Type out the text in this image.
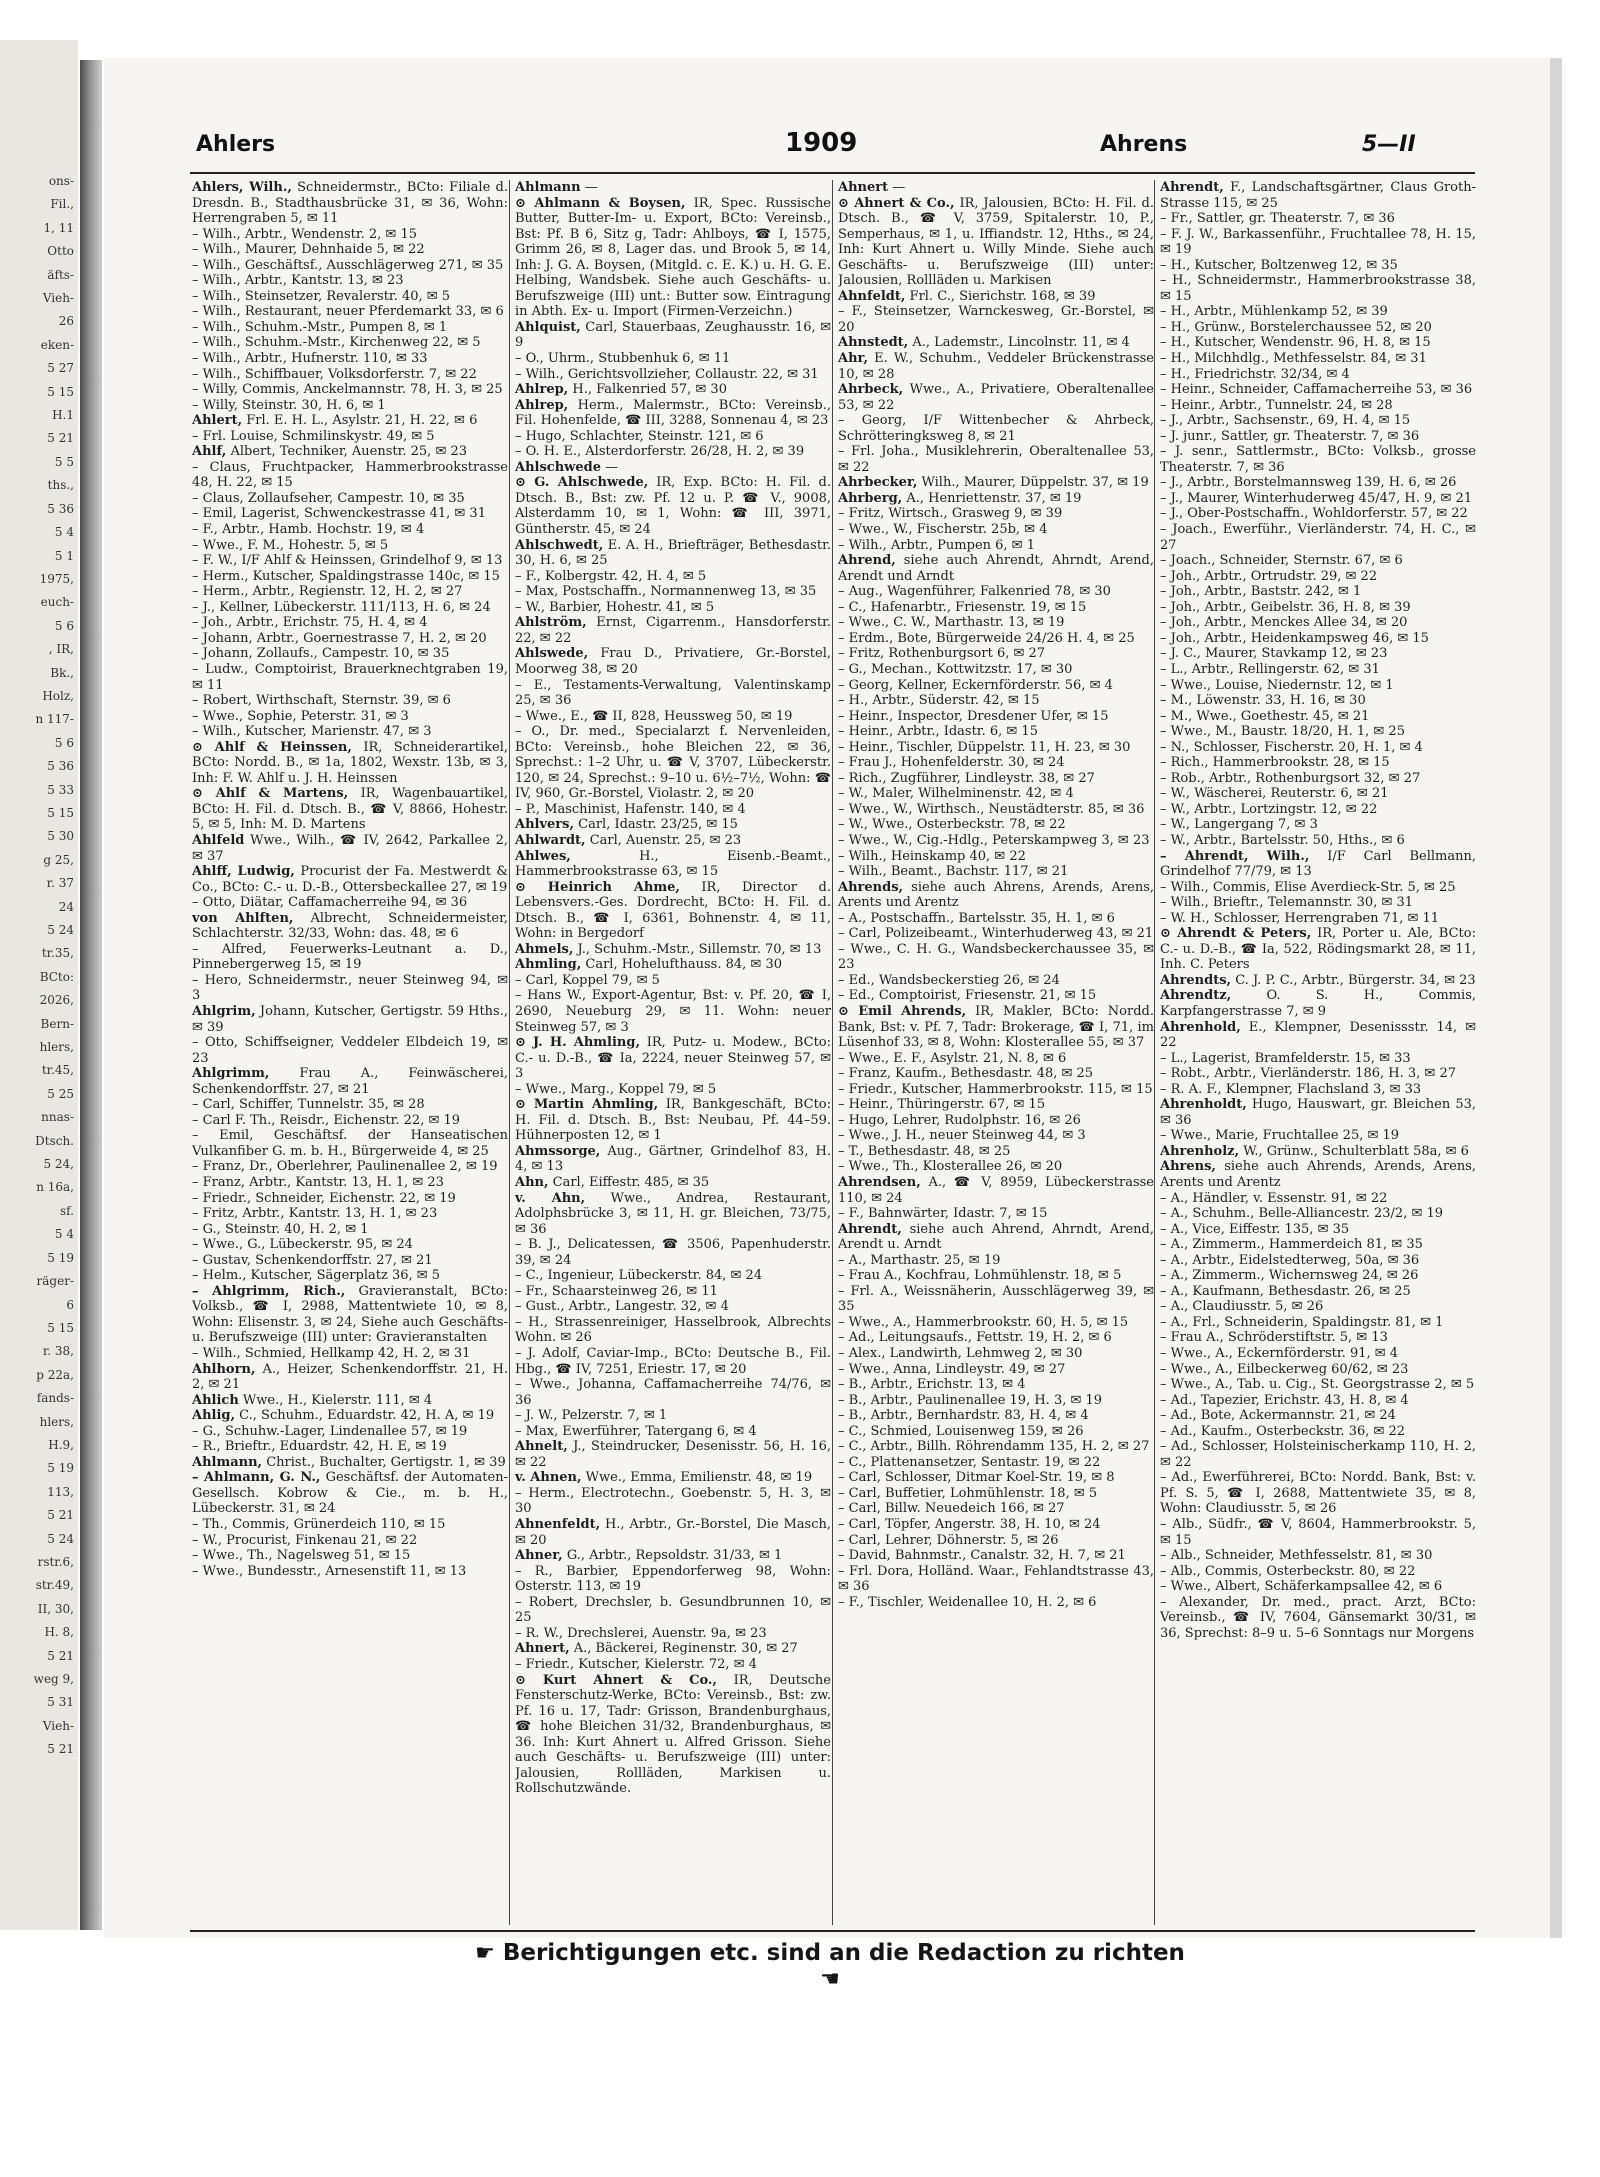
ons-
Fil.,
1, 11
Otto
äfts-
Vieh-
26
eken-
5 27
5 15
H.1
5 21
5 5
ths.,
5 36
5 4
5 1
1975,
euch-
5 6
, IR,
Bk.,
Holz,
n 117-
5 6
5 36
5 33
5 15
5 30
g 25,
r. 37
24
5 24
tr.35,
BCto:
2026,
Bern-
hlers,
tr.45,
5 25
nnas-
Dtsch.
5 24,
n 16a,
sf.
5 4
5 19
räger-
6
5 15
r. 38,
p 22a,
fands-
hlers,
H.9,
5 19
113,
5 21
5 24
rstr.6,
str.49,
II, 30,
H. 8,
5 21
weg 9,
5 31
Vieh-
5 21
Ahlers	1909	Ahrens	5—II

Ahlers, Wilh., Schneidermstr., BCto: Filiale d. Dresdn. B., Stadthausbrücke 31, ✉ 36, Wohn: Herrengraben 5, ✉ 11

– Wilh., Arbtr., Wendenstr. 2, ✉ 15

– Wilh., Maurer, Dehnhaide 5, ✉ 22

– Wilh., Geschäftsf., Ausschlägerweg 271, ✉ 35

– Wilh., Arbtr., Kantstr. 13, ✉ 23

– Wilh., Steinsetzer, Revalerstr. 40, ✉ 5

– Wilh., Restaurant, neuer Pferdemarkt 33, ✉ 6

– Wilh., Schuhm.-Mstr., Pumpen 8, ✉ 1

– Wilh., Schuhm.-Mstr., Kirchenweg 22, ✉ 5

– Wilh., Arbtr., Hufnerstr. 110, ✉ 33

– Wilh., Schiffbauer, Volksdorferstr. 7, ✉ 22

– Willy, Commis, Anckelmannstr. 78, H. 3, ✉ 25

– Willy, Steinstr. 30, H. 6, ✉ 1

Ahlert, Frl. E. H. L., Asylstr. 21, H. 22, ✉ 6

– Frl. Louise, Schmilinskystr. 49, ✉ 5

Ahlf, Albert, Techniker, Auenstr. 25, ✉ 23

– Claus, Fruchtpacker, Hammerbrookstrasse 48, H. 22, ✉ 15

– Claus, Zollaufseher, Campestr. 10, ✉ 35

– Emil, Lagerist, Schwenckestrasse 41, ✉ 31

– F., Arbtr., Hamb. Hochstr. 19, ✉ 4

– Wwe., F. M., Hohestr. 5, ✉ 5

– F. W., I/F Ahlf & Heinssen, Grindelhof 9, ✉ 13

– Herm., Kutscher, Spaldingstrasse 140c, ✉ 15

– Herm., Arbtr., Regienstr. 12, H. 2, ✉ 27

– J., Kellner, Lübeckerstr. 111/113, H. 6, ✉ 24

– Joh., Arbtr., Erichstr. 75, H. 4, ✉ 4

– Johann, Arbtr., Goernestrasse 7, H. 2, ✉ 20

– Johann, Zollaufs., Campestr. 10, ✉ 35

– Ludw., Comptoirist, Brauerknechtgraben 19, ✉ 11

– Robert, Wirthschaft, Sternstr. 39, ✉ 6

– Wwe., Sophie, Peterstr. 31, ✉ 3

– Wilh., Kutscher, Marienstr. 47, ✉ 3

⊙ Ahlf & Heinssen, IR, Schneiderartikel, BCto: Nordd. B., ✉ 1a, 1802, Wexstr. 13b, ✉ 3, Inh: F. W. Ahlf u. J. H. Heinssen

⊙ Ahlf & Martens, IR, Wagenbauartikel, BCto: H. Fil. d. Dtsch. B., ☎ V, 8866, Hohestr. 5, ✉ 5, Inh: M. D. Martens

Ahlfeld Wwe., Wilh., ☎ IV, 2642, Parkallee 2, ✉ 37

Ahlff, Ludwig, Procurist der Fa. Mestwerdt & Co., BCto: C.- u. D.-B., Ottersbeckallee 27, ✉ 19

– Otto, Diätar, Caffamacherreihe 94, ✉ 36

von Ahlften, Albrecht, Schneidermeister, Schlachterstr. 32/33, Wohn: das. 48, ✉ 6

– Alfred, Feuerwerks-Leutnant a. D., Pinnebergerweg 15, ✉ 19

– Hero, Schneidermstr., neuer Steinweg 94, ✉ 3

Ahlgrim, Johann, Kutscher, Gertigstr. 59 Hths., ✉ 39

– Otto, Schiffseigner, Veddeler Elbdeich 19, ✉ 23

Ahlgrimm, Frau A., Feinwäscherei, Schenkendorffstr. 27, ✉ 21

– Carl, Schiffer, Tunnelstr. 35, ✉ 28

– Carl F. Th., Reisdr., Eichenstr. 22, ✉ 19

– Emil, Geschäftsf. der Hanseatischen Vulkanfiber G. m. b. H., Bürgerweide 4, ✉ 25

– Franz, Dr., Oberlehrer, Paulinenallee 2, ✉ 19

– Franz, Arbtr., Kantstr. 13, H. 1, ✉ 23

– Friedr., Schneider, Eichenstr. 22, ✉ 19

– Fritz, Arbtr., Kantstr. 13, H. 1, ✉ 23

– G., Steinstr. 40, H. 2, ✉ 1

– Wwe., G., Lübeckerstr. 95, ✉ 24

– Gustav, Schenkendorffstr. 27, ✉ 21

– Helm., Kutscher, Sägerplatz 36, ✉ 5

– Ahlgrimm, Rich., Gravieranstalt, BCto: Volksb., ☎ I, 2988, Mattentwiete 10, ✉ 8, Wohn: Elisenstr. 3, ✉ 24, Siehe auch Geschäfts- u. Berufszweige (III) unter: Gravieranstalten

– Wilh., Schmied, Hellkamp 42, H. 2, ✉ 31

Ahlhorn, A., Heizer, Schenkendorffstr. 21, H. 2, ✉ 21

Ahlich Wwe., H., Kielerstr. 111, ✉ 4

Ahlig, C., Schuhm., Eduardstr. 42, H. A, ✉ 19

– G., Schuhw.-Lager, Lindenallee 57, ✉ 19

– R., Brieftr., Eduardstr. 42, H. E, ✉ 19

Ahlmann, Christ., Buchalter, Gertigstr. 1, ✉ 39

– Ahlmann, G. N., Geschäftsf. der Automaten-Gesellsch. Kobrow & Cie., m. b. H., Lübeckerstr. 31, ✉ 24

– Th., Commis, Grünerdeich 110, ✉ 15

– W., Procurist, Finkenau 21, ✉ 22

– Wwe., Th., Nagelsweg 51, ✉ 15

– Wwe., Bundesstr., Arnesenstift 11, ✉ 13

Ahlmann —

⊙ Ahlmann & Boysen, IR, Spec. Russische Butter, Butter-Im- u. Export, BCto: Vereinsb., Bst: Pf. B 6, Sitz g, Tadr: Ahlboys, ☎ I, 1575, Grimm 26, ✉ 8, Lager das. und Brook 5, ✉ 14, Inh: J. G. A. Boysen, (Mitgld. c. E. K.) u. H. G. E. Helbing, Wandsbek. Siehe auch Geschäfts- u. Berufszweige (III) unt.: Butter sow. Eintragung in Abth. Ex- u. Import (Firmen-Verzeichn.)

Ahlquist, Carl, Stauerbaas, Zeughausstr. 16, ✉ 9

– O., Uhrm., Stubbenhuk 6, ✉ 11

– Wilh., Gerichtsvollzieher, Collaustr. 22, ✉ 31

Ahlrep, H., Falkenried 57, ✉ 30

Ahlrep, Herm., Malermstr., BCto: Vereinsb., Fil. Hohenfelde, ☎ III, 3288, Sonnenau 4, ✉ 23

– Hugo, Schlachter, Steinstr. 121, ✉ 6

– O. H. E., Alsterdorferstr. 26/28, H. 2, ✉ 39

Ahlschwede —

⊙ G. Ahlschwede, IR, Exp. BCto: H. Fil. d. Dtsch. B., Bst: zw. Pf. 12 u. P. ☎ V., 9008, Alsterdamm 10, ✉ 1, Wohn: ☎ III, 3971, Güntherstr. 45, ✉ 24

Ahlschwedt, E. A. H., Briefträger, Bethesdastr. 30, H. 6, ✉ 25

– F., Kolbergstr. 42, H. 4, ✉ 5

– Max, Postschaffn., Normannenweg 13, ✉ 35

– W., Barbier, Hohestr. 41, ✉ 5

Ahlström, Ernst, Cigarrenm., Hansdorferstr. 22, ✉ 22

Ahlswede, Frau D., Privatiere, Gr.-Borstel, Moorweg 38, ✉ 20

– E., Testaments-Verwaltung, Valentinskamp 25, ✉ 36

– Wwe., E., ☎ II, 828, Heussweg 50, ✉ 19

– O., Dr. med., Specialarzt f. Nervenleiden, BCto: Vereinsb., hohe Bleichen 22, ✉ 36, Sprechst.: 1–2 Uhr, u. ☎ V, 3707, Lübeckerstr. 120, ✉ 24, Sprechst.: 9–10 u. 6½–7½, Wohn: ☎ IV, 960, Gr.-Borstel, Violastr. 2, ✉ 20

– P., Maschinist, Hafenstr. 140, ✉ 4

Ahlvers, Carl, Idastr. 23/25, ✉ 15

Ahlwardt, Carl, Auenstr. 25, ✉ 23

Ahlwes, H., Eisenb.-Beamt., Hammerbrookstrasse 63, ✉ 15

⊙ Heinrich Ahme, IR, Director d. Lebensvers.-Ges. Dordrecht, BCto: H. Fil. d. Dtsch. B., ☎ I, 6361, Bohnenstr. 4, ✉ 11, Wohn: in Bergedorf

Ahmels, J., Schuhm.-Mstr., Sillemstr. 70, ✉ 13

Ahmling, Carl, Hohelufthauss. 84, ✉ 30

– Carl, Koppel 79, ✉ 5

– Hans W., Export-Agentur, Bst: v. Pf. 20, ☎ I, 2690, Neueburg 29, ✉ 11. Wohn: neuer Steinweg 57, ✉ 3

⊙ J. H. Ahmling, IR, Putz- u. Modew., BCto: C.- u. D.-B., ☎ Ia, 2224, neuer Steinweg 57, ✉ 3

– Wwe., Marg., Koppel 79, ✉ 5

⊙ Martin Ahmling, IR, Bankgeschäft, BCto: H. Fil. d. Dtsch. B., Bst: Neubau, Pf. 44–59. Hühnerposten 12, ✉ 1

Ahmssorge, Aug., Gärtner, Grindelhof 83, H. 4, ✉ 13

Ahn, Carl, Eiffestr. 485, ✉ 35

v. Ahn, Wwe., Andrea, Restaurant, Adolphsbrücke 3, ✉ 11, H. gr. Bleichen, 73/75, ✉ 36

– B. J., Delicatessen, ☎ 3506, Papenhuderstr. 39, ✉ 24

– C., Ingenieur, Lübeckerstr. 84, ✉ 24

– Fr., Schaarsteinweg 26, ✉ 11

– Gust., Arbtr., Langestr. 32, ✉ 4

– H., Strassenreiniger, Hasselbrook, Albrechts Wohn. ✉ 26

– J. Adolf, Caviar-Imp., BCto: Deutsche B., Fil. Hbg., ☎ IV, 7251, Eriestr. 17, ✉ 20

– Wwe., Johanna, Caffamacherreihe 74/76, ✉ 36

– J. W., Pelzerstr. 7, ✉ 1

– Max, Ewerführer, Tatergang 6, ✉ 4

Ahnelt, J., Steindrucker, Desenisstr. 56, H. 16, ✉ 22

v. Ahnen, Wwe., Emma, Emilienstr. 48, ✉ 19

– Herm., Electrotechn., Goebenstr. 5, H. 3, ✉ 30

Ahnenfeldt, H., Arbtr., Gr.-Borstel, Die Masch, ✉ 20

Ahner, G., Arbtr., Repsoldstr. 31/33, ✉ 1

– R., Barbier, Eppendorferweg 98, Wohn: Osterstr. 113, ✉ 19

– Robert, Drechsler, b. Gesundbrunnen 10, ✉ 25

– R. W., Drechslerei, Auenstr. 9a, ✉ 23

Ahnert, A., Bäckerei, Reginenstr. 30, ✉ 27

– Friedr., Kutscher, Kielerstr. 72, ✉ 4

⊙ Kurt Ahnert & Co., IR, Deutsche Fensterschutz-Werke, BCto: Vereinsb., Bst: zw. Pf. 16 u. 17, Tadr: Grisson, Brandenburghaus, ☎ hohe Bleichen 31/32, Brandenburghaus, ✉ 36. Inh: Kurt Ahnert u. Alfred Grisson. Siehe auch Geschäfts- u. Berufszweige (III) unter: Jalousien, Rollläden, Markisen u. Rollschutzwände.

Ahnert —

⊙ Ahnert & Co., IR, Jalousien, BCto: H. Fil. d. Dtsch. B., ☎ V, 3759, Spitalerstr. 10, P., Semperhaus, ✉ 1, u. Iffiandstr. 12, Hths., ✉ 24, Inh: Kurt Ahnert u. Willy Minde. Siehe auch Geschäfts- u. Berufszweige (III) unter: Jalousien, Rollläden u. Markisen

Ahnfeldt, Frl. C., Sierichstr. 168, ✉ 39

– F., Steinsetzer, Warnckesweg, Gr.-Borstel, ✉ 20

Ahnstedt, A., Lademstr., Lincolnstr. 11, ✉ 4

Ahr, E. W., Schuhm., Veddeler Brückenstrasse 10, ✉ 28

Ahrbeck, Wwe., A., Privatiere, Oberaltenallee 53, ✉ 22

– Georg, I/F Wittenbecher & Ahrbeck, Schrötteringksweg 8, ✉ 21

– Frl. Joha., Musiklehrerin, Oberaltenallee 53, ✉ 22

Ahrbecker, Wilh., Maurer, Düppelstr. 37, ✉ 19

Ahrberg, A., Henriettenstr. 37, ✉ 19

– Fritz, Wirtsch., Grasweg 9, ✉ 39

– Wwe., W., Fischerstr. 25b, ✉ 4

– Wilh., Arbtr., Pumpen 6, ✉ 1

Ahrend, siehe auch Ahrendt, Ahrndt, Arend, Arendt und Arndt

– Aug., Wagenführer, Falkenried 78, ✉ 30

– C., Hafenarbtr., Friesenstr. 19, ✉ 15

– Wwe., C. W., Marthastr. 13, ✉ 19

– Erdm., Bote, Bürgerweide 24/26 H. 4, ✉ 25

– Fritz, Rothenburgsort 6, ✉ 27

– G., Mechan., Kottwitzstr. 17, ✉ 30

– Georg, Kellner, Eckernförderstr. 56, ✉ 4

– H., Arbtr., Süderstr. 42, ✉ 15

– Heinr., Inspector, Dresdener Ufer, ✉ 15

– Heinr., Arbtr., Idastr. 6, ✉ 15

– Heinr., Tischler, Düppelstr. 11, H. 23, ✉ 30

– Frau J., Hohenfelderstr. 30, ✉ 24

– Rich., Zugführer, Lindleystr. 38, ✉ 27

– W., Maler, Wilhelminenstr. 42, ✉ 4

– Wwe., W., Wirthsch., Neustädterstr. 85, ✉ 36

– W., Wwe., Osterbeckstr. 78, ✉ 22

– Wwe., W., Cig.-Hdlg., Peterskampweg 3, ✉ 23

– Wilh., Heinskamp 40, ✉ 22

– Wilh., Beamt., Bachstr. 117, ✉ 21

Ahrends, siehe auch Ahrens, Arends, Arens, Arents und Arentz

– A., Postschaffn., Bartelsstr. 35, H. 1, ✉ 6

– Carl, Polizeibeamt., Winterhuderweg 43, ✉ 21

– Wwe., C. H. G., Wandsbeckerchaussee 35, ✉ 23

– Ed., Wandsbeckerstieg 26, ✉ 24

– Ed., Comptoirist, Friesenstr. 21, ✉ 15

⊙ Emil Ahrends, IR, Makler, BCto: Nordd. Bank, Bst: v. Pf. 7, Tadr: Brokerage, ☎ I, 71, im Lüsenhof 33, ✉ 8, Wohn: Klosterallee 55, ✉ 37

– Wwe., E. F., Asylstr. 21, N. 8, ✉ 6

– Franz, Kaufm., Bethesdastr. 48, ✉ 25

– Friedr., Kutscher, Hammerbrookstr. 115, ✉ 15

– Heinr., Thüringerstr. 67, ✉ 15

– Hugo, Lehrer, Rudolphstr. 16, ✉ 26

– Wwe., J. H., neuer Steinweg 44, ✉ 3

– T., Bethesdastr. 48, ✉ 25

– Wwe., Th., Klosterallee 26, ✉ 20

Ahrendsen, A., ☎ V, 8959, Lübeckerstrasse 110, ✉ 24

– F., Bahnwärter, Idastr. 7, ✉ 15

Ahrendt, siehe auch Ahrend, Ahrndt, Arend, Arendt u. Arndt

– A., Marthastr. 25, ✉ 19

– Frau A., Kochfrau, Lohmühlenstr. 18, ✉ 5

– Frl. A., Weissnäherin, Ausschlägerweg 39, ✉ 35

– Wwe., A., Hammerbrookstr. 60, H. 5, ✉ 15

– Ad., Leitungsaufs., Fettstr. 19, H. 2, ✉ 6

– Alex., Landwirth, Lehmweg 2, ✉ 30

– Wwe., Anna, Lindleystr. 49, ✉ 27

– B., Arbtr., Erichstr. 13, ✉ 4

– B., Arbtr., Paulinenallee 19, H. 3, ✉ 19

– B., Arbtr., Bernhardstr. 83, H. 4, ✉ 4

– C., Schmied, Louisenweg 159, ✉ 26

– C., Arbtr., Billh. Röhrendamm 135, H. 2, ✉ 27

– C., Plattenansetzer, Sentastr. 19, ✉ 22

– Carl, Schlosser, Ditmar Koel-Str. 19, ✉ 8

– Carl, Buffetier, Lohmühlenstr. 18, ✉ 5

– Carl, Billw. Neuedeich 166, ✉ 27

– Carl, Töpfer, Angerstr. 38, H. 10, ✉ 24

– Carl, Lehrer, Döhnerstr. 5, ✉ 26

– David, Bahnmstr., Canalstr. 32, H. 7, ✉ 21

– Frl. Dora, Holländ. Waar., Fehlandtstrasse 43, ✉ 36

– F., Tischler, Weidenallee 10, H. 2, ✉ 6

Ahrendt, F., Landschaftsgärtner, Claus Groth-Strasse 115, ✉ 25

– Fr., Sattler, gr. Theaterstr. 7, ✉ 36

– F. J. W., Barkassenführ., Fruchtallee 78, H. 15, ✉ 19

– H., Kutscher, Boltzenweg 12, ✉ 35

– H., Schneidermstr., Hammerbrookstrasse 38, ✉ 15

– H., Arbtr., Mühlenkamp 52, ✉ 39

– H., Grünw., Borstelerchaussee 52, ✉ 20

– H., Kutscher, Wendenstr. 96, H. 8, ✉ 15

– H., Milchhdlg., Methfesselstr. 84, ✉ 31

– H., Friedrichstr. 32/34, ✉ 4

– Heinr., Schneider, Caffamacherreihe 53, ✉ 36

– Heinr., Arbtr., Tunnelstr. 24, ✉ 28

– J., Arbtr., Sachsenstr., 69, H. 4, ✉ 15

– J. junr., Sattler, gr. Theaterstr. 7, ✉ 36

– J. senr., Sattlermstr., BCto: Volksb., grosse Theaterstr. 7, ✉ 36

– J., Arbtr., Borstelmannsweg 139, H. 6, ✉ 26

– J., Maurer, Winterhuderweg 45/47, H. 9, ✉ 21

– J., Ober-Postschaffn., Wohldorferstr. 57, ✉ 22

– Joach., Ewerführ., Vierländerstr. 74, H. C., ✉ 27

– Joach., Schneider, Sternstr. 67, ✉ 6

– Joh., Arbtr., Ortrudstr. 29, ✉ 22

– Joh., Arbtr., Baststr. 242, ✉ 1

– Joh., Arbtr., Geibelstr. 36, H. 8, ✉ 39

– Joh., Arbtr., Menckes Allee 34, ✉ 20

– Joh., Arbtr., Heidenkampsweg 46, ✉ 15

– J. C., Maurer, Stavkamp 12, ✉ 23

– L., Arbtr., Rellingerstr. 62, ✉ 31

– Wwe., Louise, Niedernstr. 12, ✉ 1

– M., Löwenstr. 33, H. 16, ✉ 30

– M., Wwe., Goethestr. 45, ✉ 21

– Wwe., M., Baustr. 18/20, H. 1, ✉ 25

– N., Schlosser, Fischerstr. 20, H. 1, ✉ 4

– Rich., Hammerbrookstr. 28, ✉ 15

– Rob., Arbtr., Rothenburgsort 32, ✉ 27

– W., Wäscherei, Reuterstr. 6, ✉ 21

– W., Arbtr., Lortzingstr. 12, ✉ 22

– W., Langergang 7, ✉ 3

– W., Arbtr., Bartelsstr. 50, Hths., ✉ 6

– Ahrendt, Wilh., I/F Carl Bellmann, Grindelhof 77/79, ✉ 13

– Wilh., Commis, Elise Averdieck-Str. 5, ✉ 25

– Wilh., Brieftr., Telemannstr. 30, ✉ 31

– W. H., Schlosser, Herrengraben 71, ✉ 11

⊙ Ahrendt & Peters, IR, Porter u. Ale, BCto: C.- u. D.-B., ☎ Ia, 522, Rödingsmarkt 28, ✉ 11, Inh. C. Peters

Ahrendts, C. J. P. C., Arbtr., Bürgerstr. 34, ✉ 23

Ahrendtz, O. S. H., Commis, Karpfangerstrasse 7, ✉ 9

Ahrenhold, E., Klempner, Desenissstr. 14, ✉ 22

– L., Lagerist, Bramfelderstr. 15, ✉ 33

– Robt., Arbtr., Vierländerstr. 186, H. 3, ✉ 27

– R. A. F., Klempner, Flachsland 3, ✉ 33

Ahrenholdt, Hugo, Hauswart, gr. Bleichen 53, ✉ 36

– Wwe., Marie, Fruchtallee 25, ✉ 19

Ahrenholz, W., Grünw., Schulterblatt 58a, ✉ 6

Ahrens, siehe auch Ahrends, Arends, Arens, Arents und Arentz

– A., Händler, v. Essenstr. 91, ✉ 22

– A., Schuhm., Belle-Alliancestr. 23/2, ✉ 19

– A., Vice, Eiffestr. 135, ✉ 35

– A., Zimmerm., Hammerdeich 81, ✉ 35

– A., Arbtr., Eidelstedterweg, 50a, ✉ 36

– A., Zimmerm., Wichernsweg 24, ✉ 26

– A., Kaufmann, Bethesdastr. 26, ✉ 25

– A., Claudiusstr. 5, ✉ 26

– A., Frl., Schneiderin, Spaldingstr. 81, ✉ 1

– Frau A., Schröderstiftstr. 5, ✉ 13

– Wwe., A., Eckernförderstr. 91, ✉ 4

– Wwe., A., Eilbeckerweg 60/62, ✉ 23

– Wwe., A., Tab. u. Cig., St. Georgstrasse 2, ✉ 5

– Ad., Tapezier, Erichstr. 43, H. 8, ✉ 4

– Ad., Bote, Ackermannstr. 21, ✉ 24

– Ad., Kaufm., Osterbeckstr. 36, ✉ 22

– Ad., Schlosser, Holsteinischerkamp 110, H. 2, ✉ 22

– Ad., Ewerführerei, BCto: Nordd. Bank, Bst: v. Pf. S. 5, ☎ I, 2688, Mattentwiete 35, ✉ 8, Wohn: Claudiusstr. 5, ✉ 26

– Alb., Südfr., ☎ V, 8604, Hammerbrookstr. 5, ✉ 15

– Alb., Schneider, Methfesselstr. 81, ✉ 30

– Alb., Commis, Osterbeckstr. 80, ✉ 22

– Wwe., Albert, Schäferkampsallee 42, ✉ 6

– Alexander, Dr. med., pract. Arzt, BCto: Vereinsb., ☎ IV, 7604, Gänsemarkt 30/31, ✉ 36, Sprechst: 8–9 u. 5–6 Sonntags nur Morgens

☛ Berichtigungen etc. sind an die Redaction zu richten ☚
